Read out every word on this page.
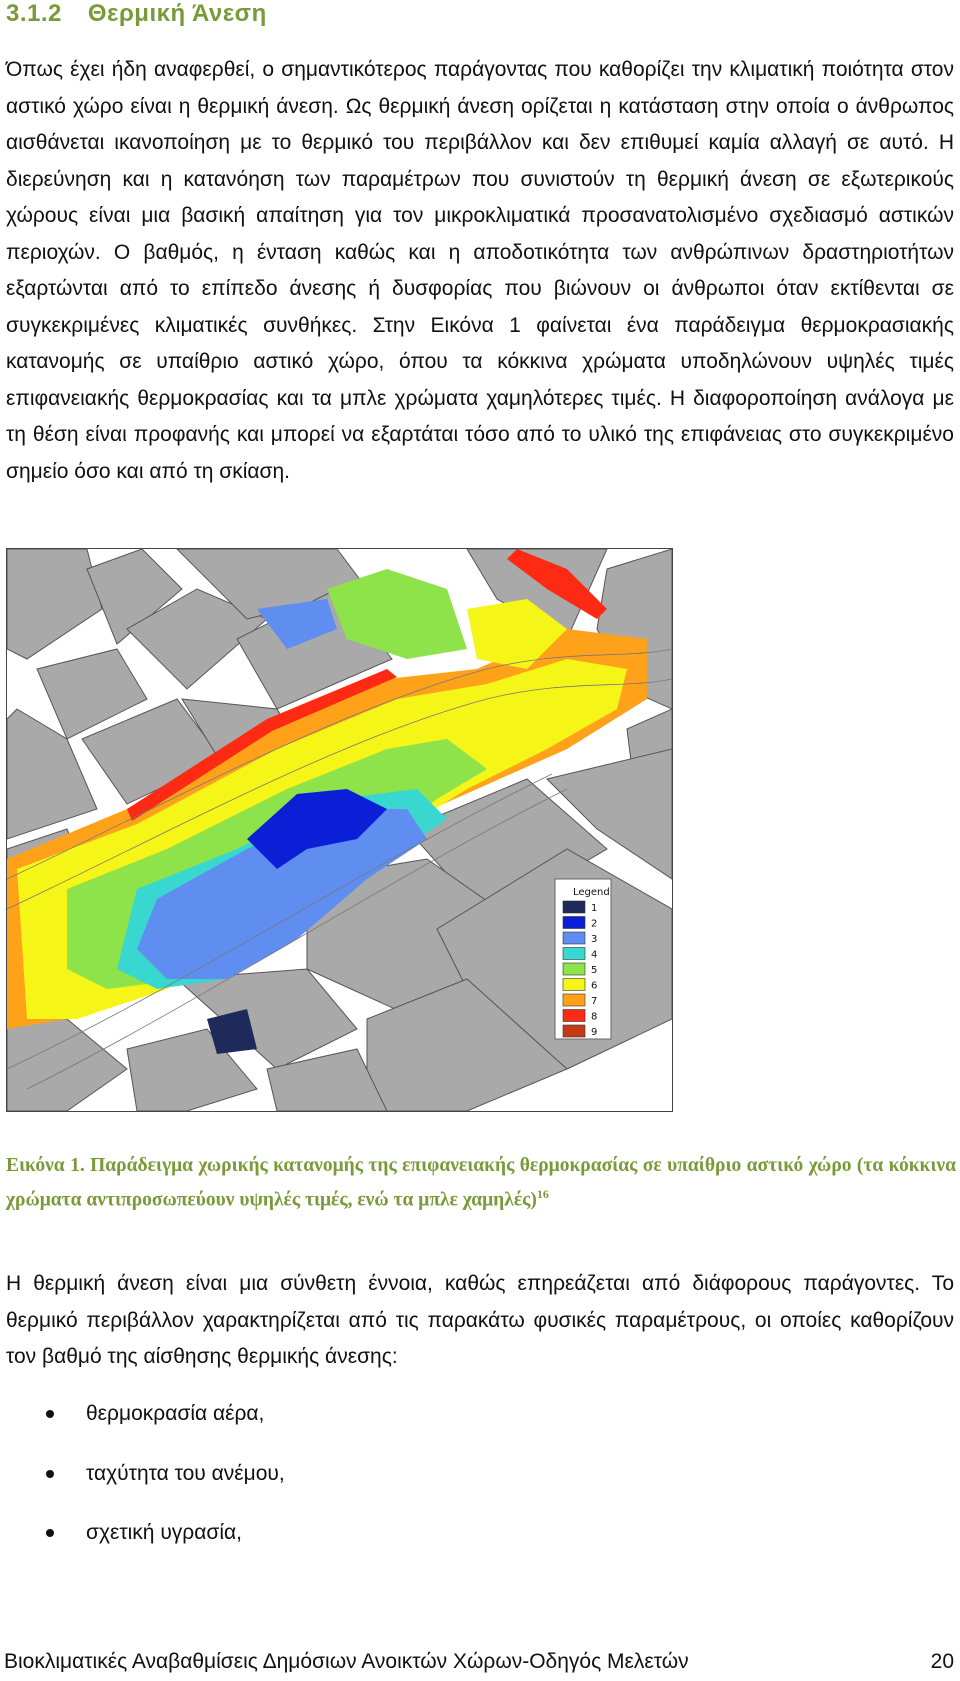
3.1.2 Θερμική Άνεση

Όπως έχει ήδη αναφερθεί, ο σημαντικότερος παράγοντας που καθορίζει την κλιματική ποιότητα στον αστικό χώρο είναι η θερμική άνεση. Ως θερμική άνεση ορίζεται η κατάσταση στην οποία ο άνθρωπος αισθάνεται ικανοποίηση με το θερμικό του περιβάλλον και δεν επιθυμεί καμία αλλαγή σε αυτό. Η διερεύνηση και η κατανόηση των παραμέτρων που συνιστούν τη θερμική άνεση σε εξωτερικούς χώρους είναι μια βασική απαίτηση για τον μικροκλιματικά προσανατολισμένο σχεδιασμό αστικών περιοχών. Ο βαθμός, η ένταση καθώς και η αποδοτικότητα των ανθρώπινων δραστηριοτήτων εξαρτώνται από το επίπεδο άνεσης ή δυσφορίας που βιώνουν οι άνθρωποι όταν εκτίθενται σε συγκεκριμένες κλιματικές συνθήκες. Στην Εικόνα 1 φαίνεται ένα παράδειγμα θερμοκρασιακής κατανομής σε υπαίθριο αστικό χώρο, όπου τα κόκκινα χρώματα υποδηλώνουν υψηλές τιμές επιφανειακής θερμοκρασίας και τα μπλε χρώματα χαμηλότερες τιμές. Η διαφοροποίηση ανάλογα με τη θέση είναι προφανής και μπορεί να εξαρτάται τόσο από το υλικό της επιφάνειας στο συγκεκριμένο σημείο όσο και από τη σκίαση.

Legend
1
2
3
4
5
6
7
8
9

Εικόνα 1. Παράδειγμα χωρικής κατανομής της επιφανειακής θερμοκρασίας σε υπαίθριο αστικό χώρο (τα κόκκινα χρώματα αντιπροσωπεύουν υψηλές τιμές, ενώ τα μπλε χαμηλές)$^{16}$

Η θερμική άνεση είναι μια σύνθετη έννοια, καθώς επηρεάζεται από διάφορους παράγοντες. Το θερμικό περιβάλλον χαρακτηρίζεται από τις παρακάτω φυσικές παραμέτρους, οι οποίες καθορίζουν τον βαθμό της αίσθησης θερμικής άνεσης:

θερμοκρασία αέρα,
ταχύτητα του ανέμου,
σχετική υγρασία,
Βιοκλιματικές Αναβαθμίσεις Δημόσιων Ανοικτών Χώρων-Οδηγός Μελετών	20
